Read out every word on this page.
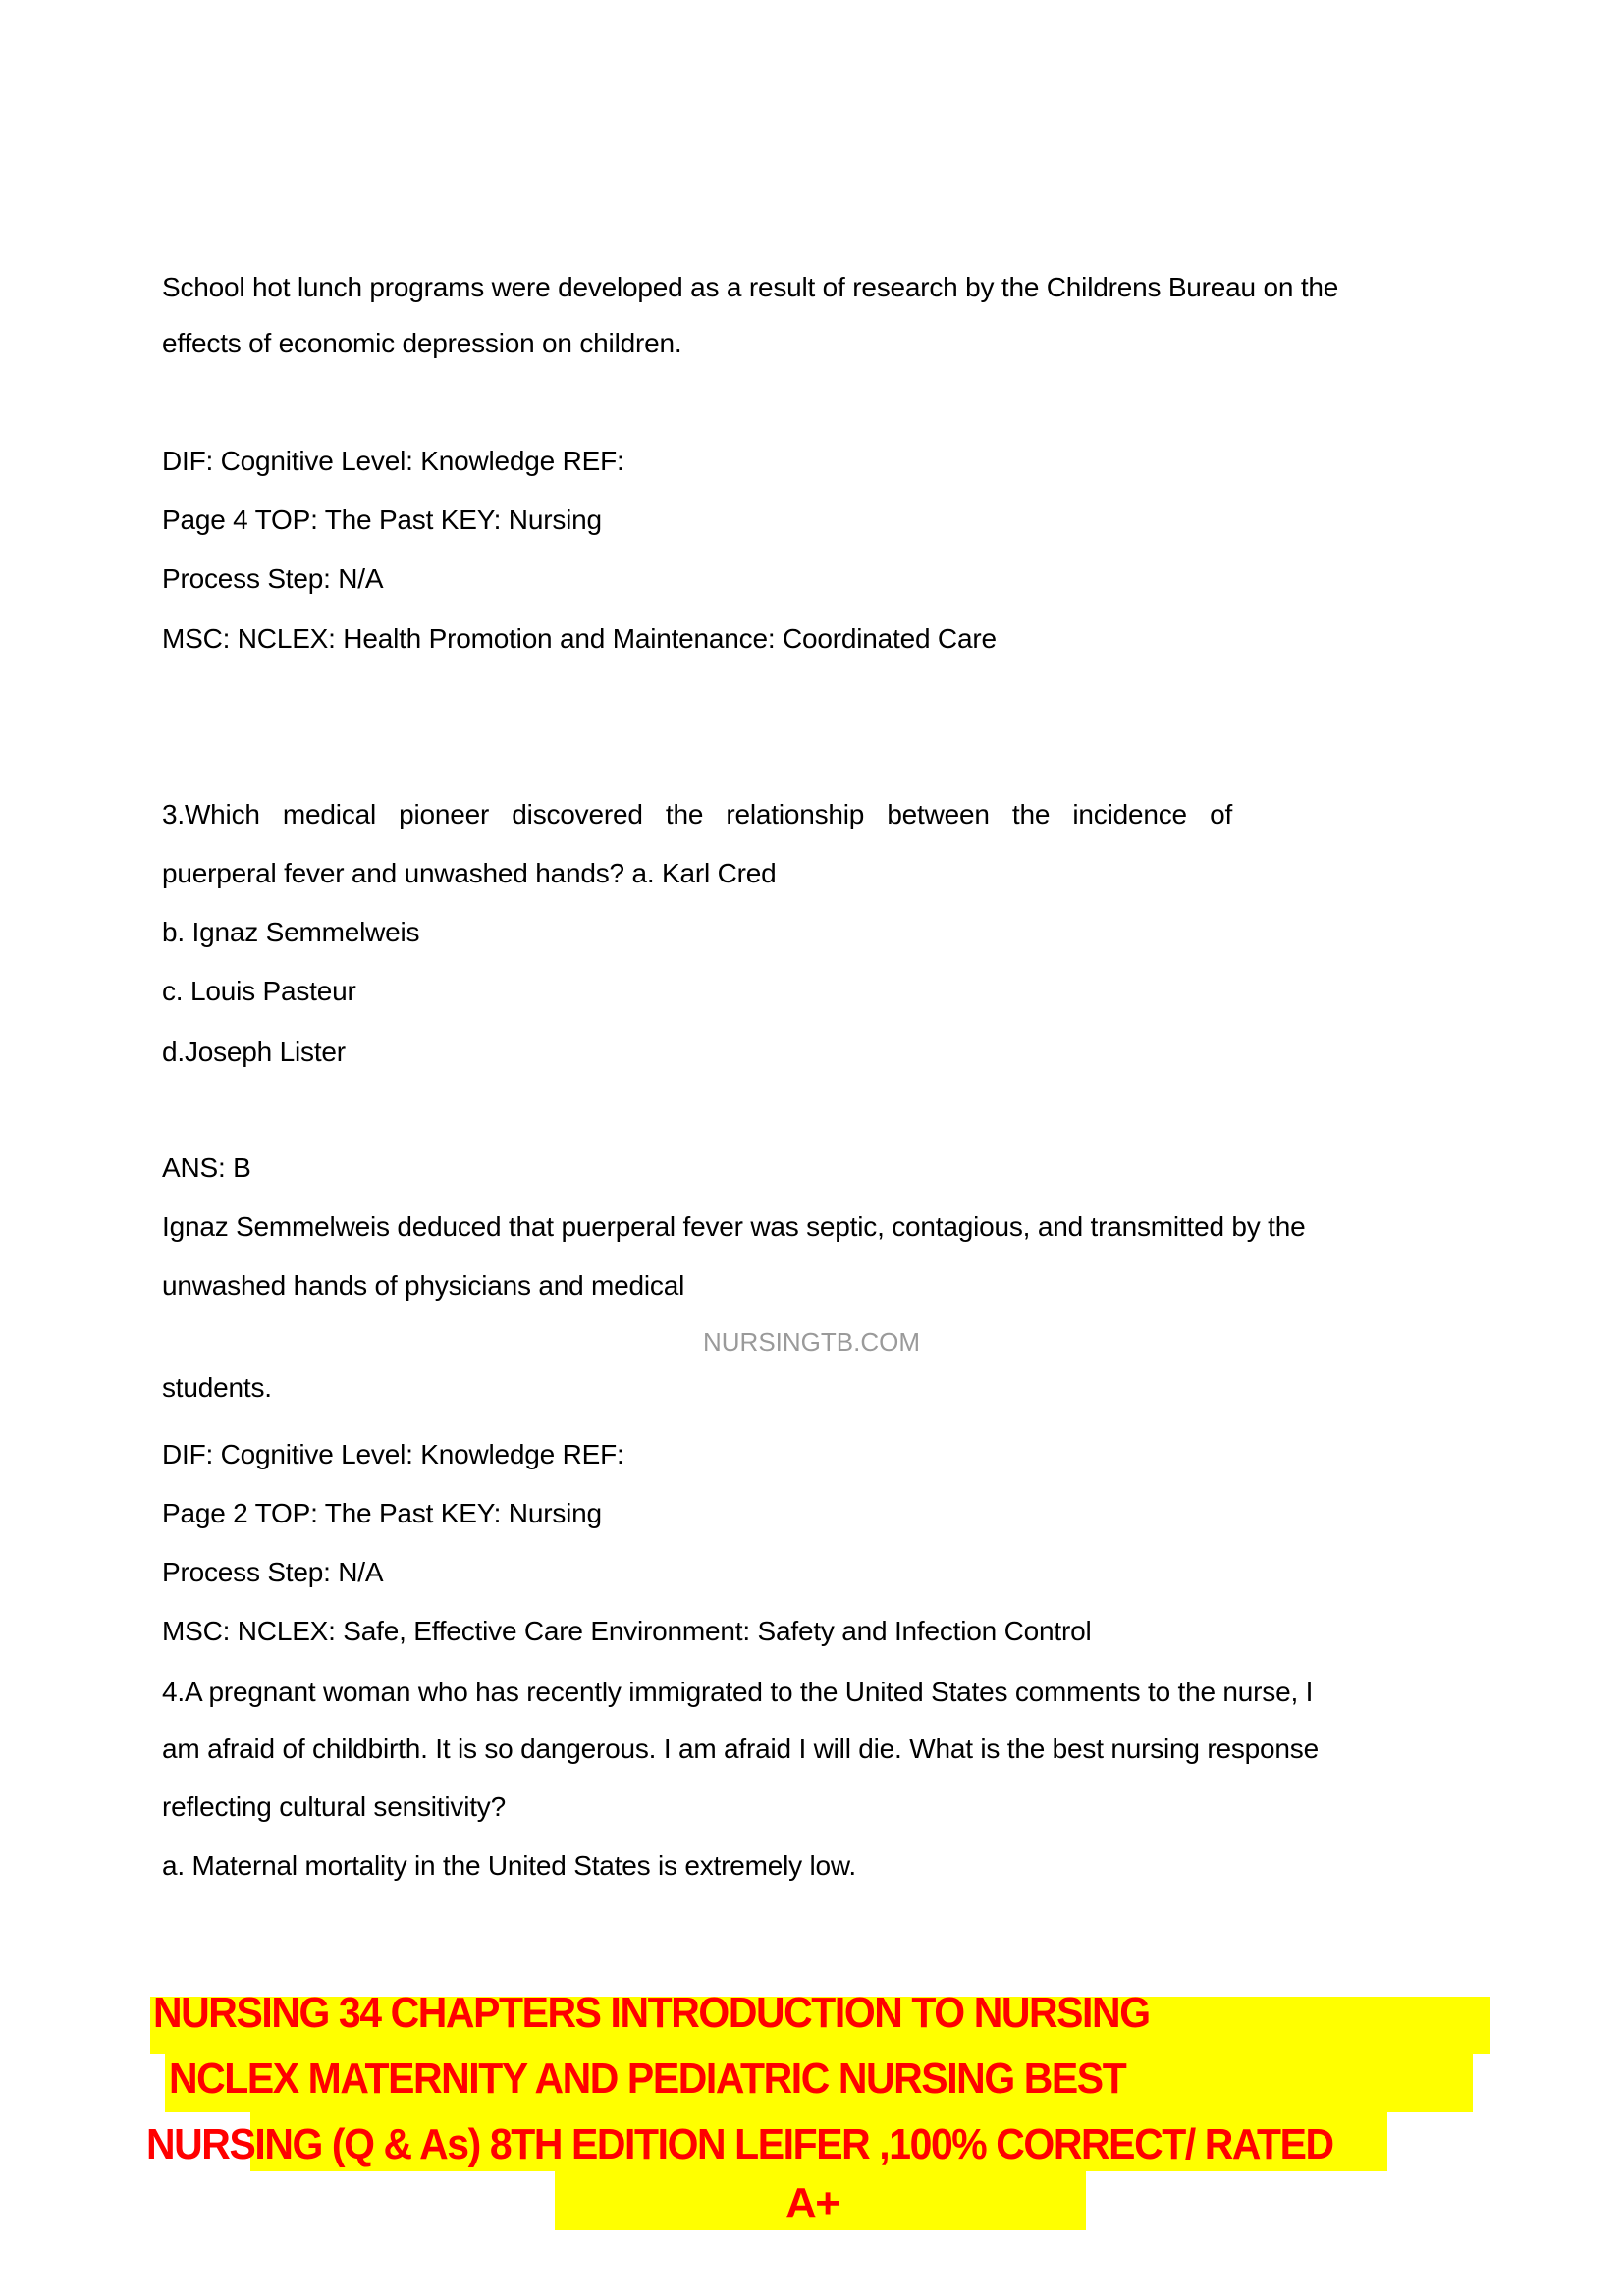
School hot lunch programs were developed as a result of research by the Childrens Bureau on the
effects of economic depression on children.
DIF: Cognitive Level: Knowledge REF:
Page 4 TOP: The Past KEY: Nursing
Process Step: N/A
MSC: NCLEX: Health Promotion and Maintenance: Coordinated Care
3.Which  medical  pioneer  discovered  the  relationship  between  the  incidence  of
puerperal fever and unwashed hands? a. Karl Cred
b. Ignaz Semmelweis
c. Louis Pasteur
d.Joseph Lister
ANS: B
Ignaz Semmelweis deduced that puerperal fever was septic, contagious, and transmitted by the
unwashed hands of physicians and medical
NURSINGTB.COM
students.
DIF: Cognitive Level: Knowledge REF:
Page 2 TOP: The Past KEY: Nursing
Process Step: N/A
MSC: NCLEX: Safe, Effective Care Environment: Safety and Infection Control
4.A pregnant woman who has recently immigrated to the United States comments to the nurse, I
am afraid of childbirth. It is so dangerous. I am afraid I will die. What is the best nursing response
reflecting cultural sensitivity?
a. Maternal mortality in the United States is extremely low.
NURSING 34 CHAPTERS INTRODUCTION TO NURSING
NCLEX MATERNITY AND PEDIATRIC NURSING BEST
NURSING (Q & As) 8TH EDITION LEIFER ,100% CORRECT/ RATED
A+
